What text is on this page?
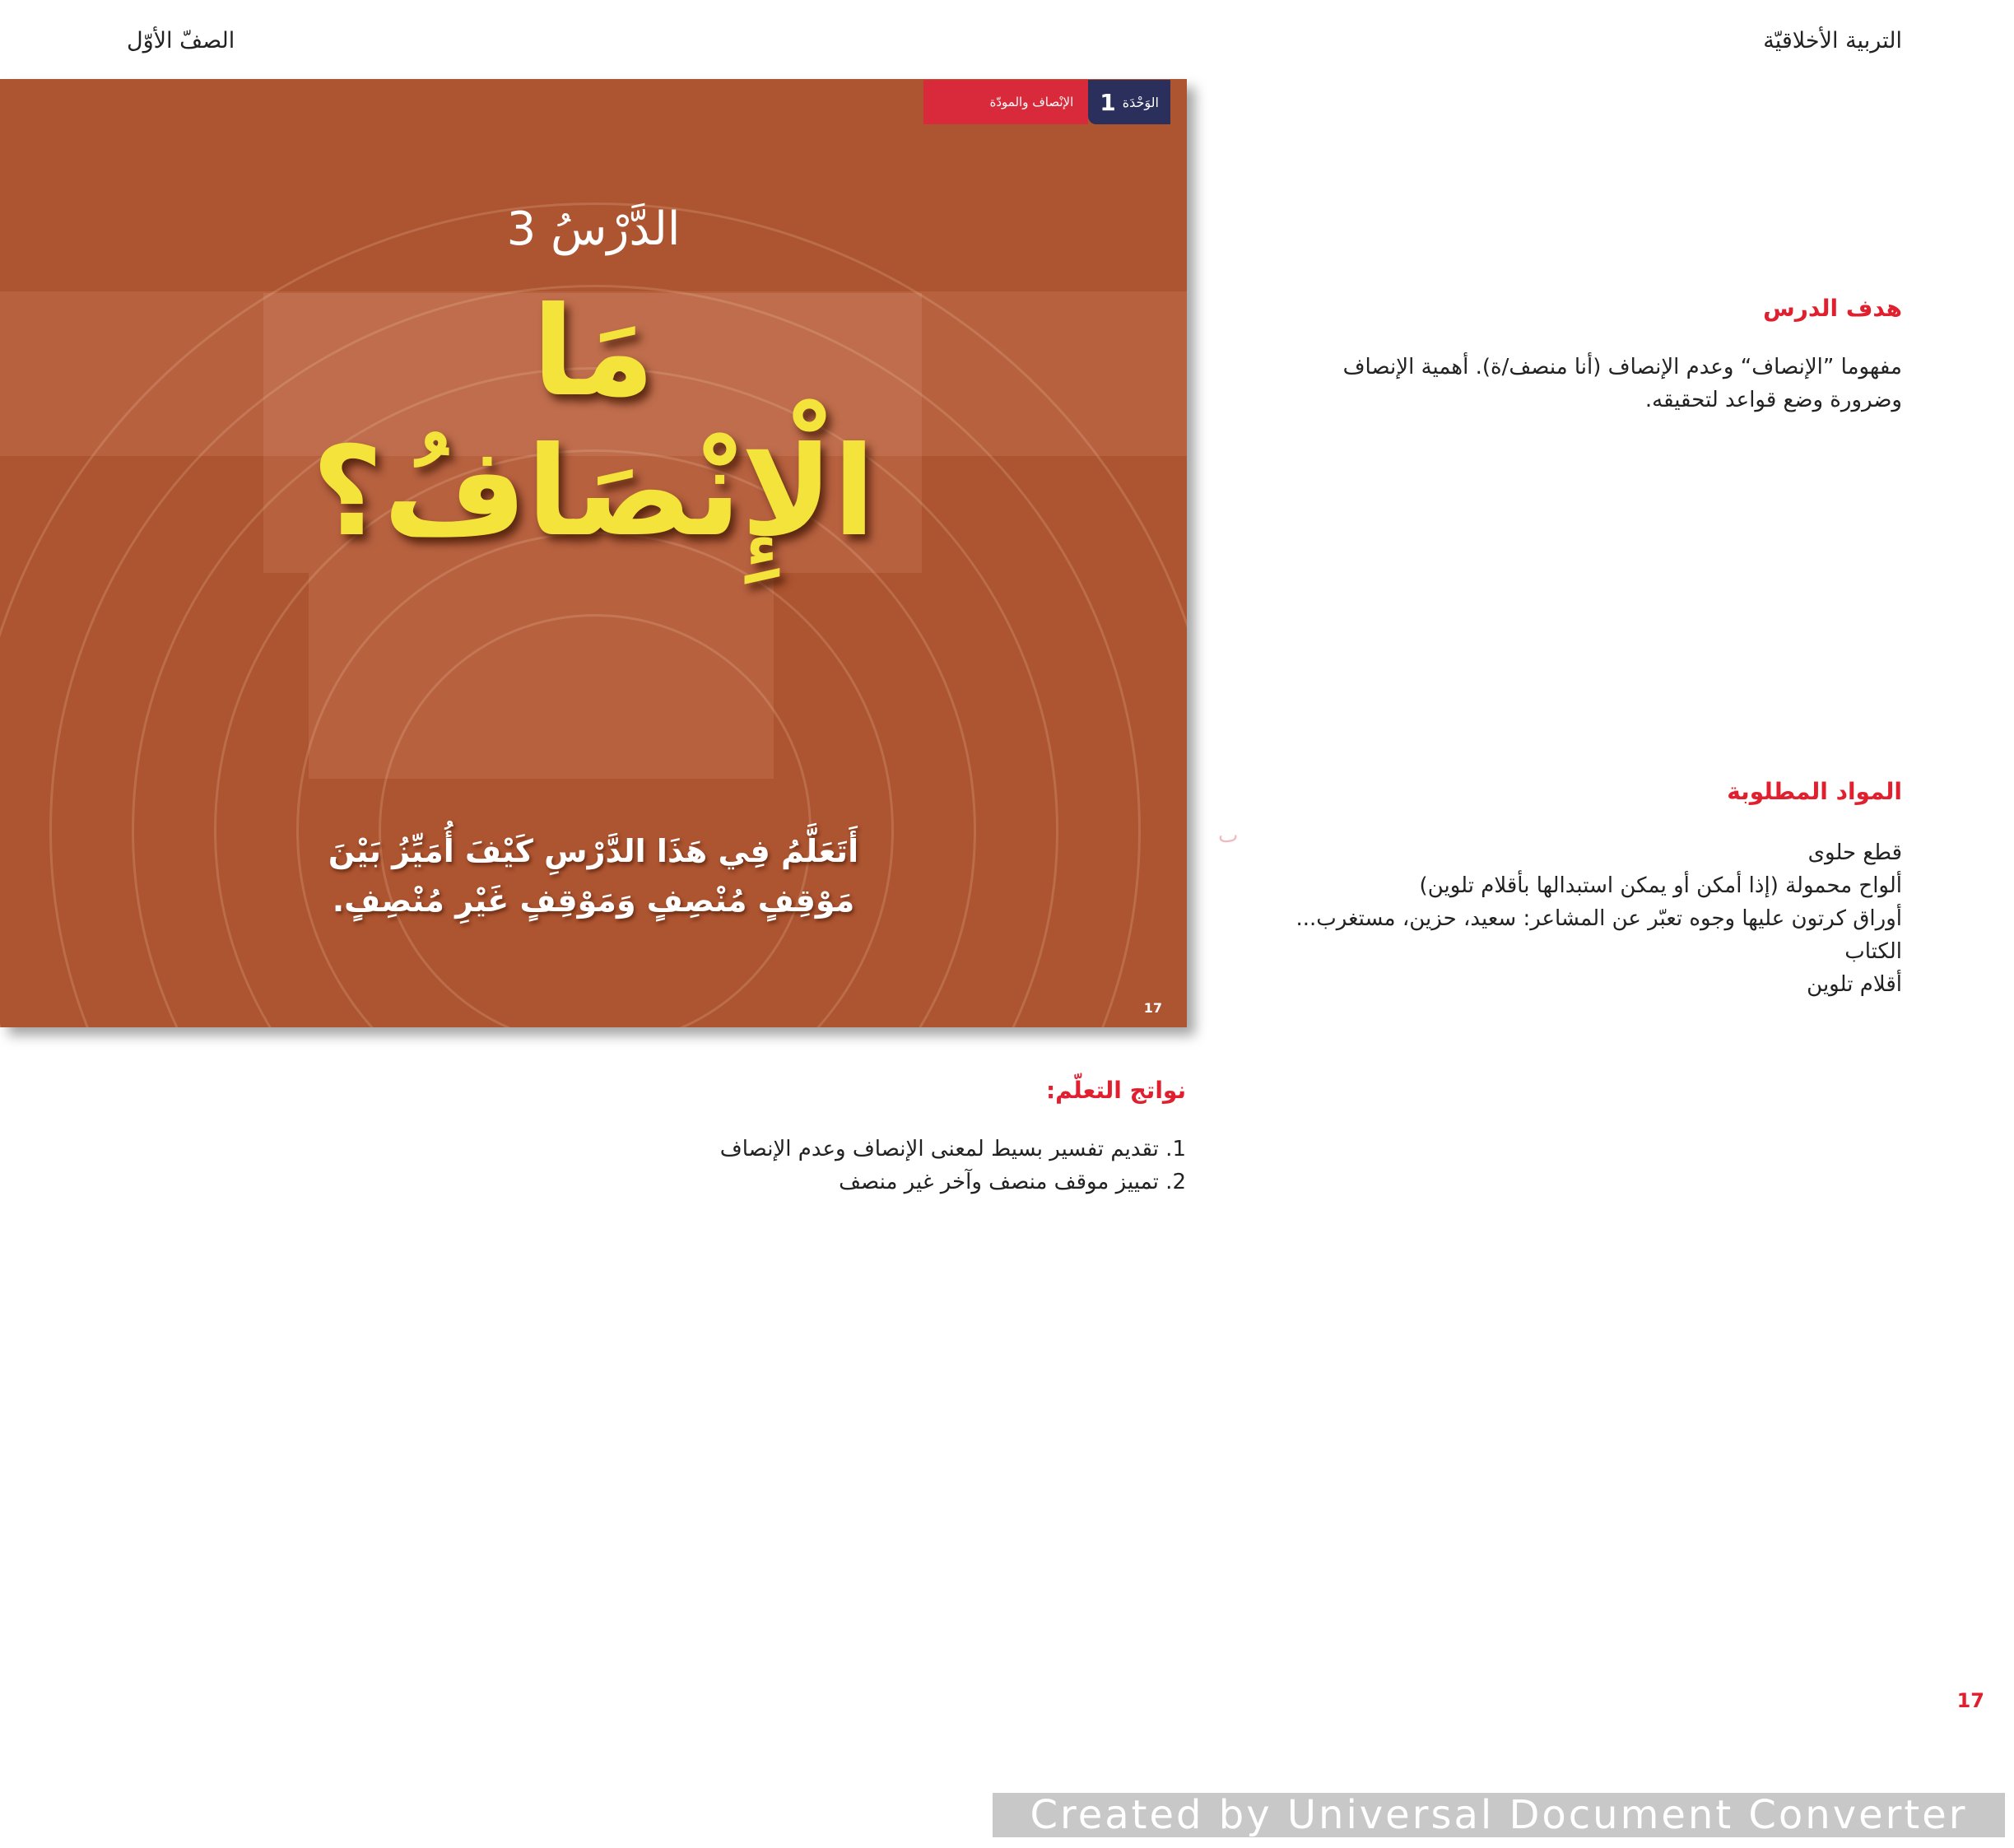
التربية الأخلاقيّة
الصفّ الأوّل
الوَحْدَة
1
الإنْصاف والمودّة
الدَّرْسُ 3
مَا
الْإِنْصَافُ؟
أَتَعَلَّمُ فِي هَذَا الدَّرْسِ كَيْفَ أُمَيِّزُ بَيْنَ
مَوْقِفٍ مُنْصِفٍ وَمَوْقِفٍ غَيْرِ مُنْصِفٍ.
17
هدف الدرس
مفهوما ”الإنصاف“ وعدم الإنصاف (أنا منصف/ة). أهمية الإنصاف وضرورة وضع قواعد لتحقيقه.
المواد المطلوبة
قطع حلوى
ألواح محمولة (إذا أمكن أو يمكن استبدالها بأقلام تلوين)
أوراق كرتون عليها وجوه تعبّر عن المشاعر: سعيد، حزين، مستغرب...
الكتاب
أقلام تلوين
ٮ
نواتج التعلّم:
1. تقديم تفسير بسيط لمعنى الإنصاف وعدم الإنصاف
2. تمييز موقف منصف وآخر غير منصف
17
Created by Universal Document Converter
